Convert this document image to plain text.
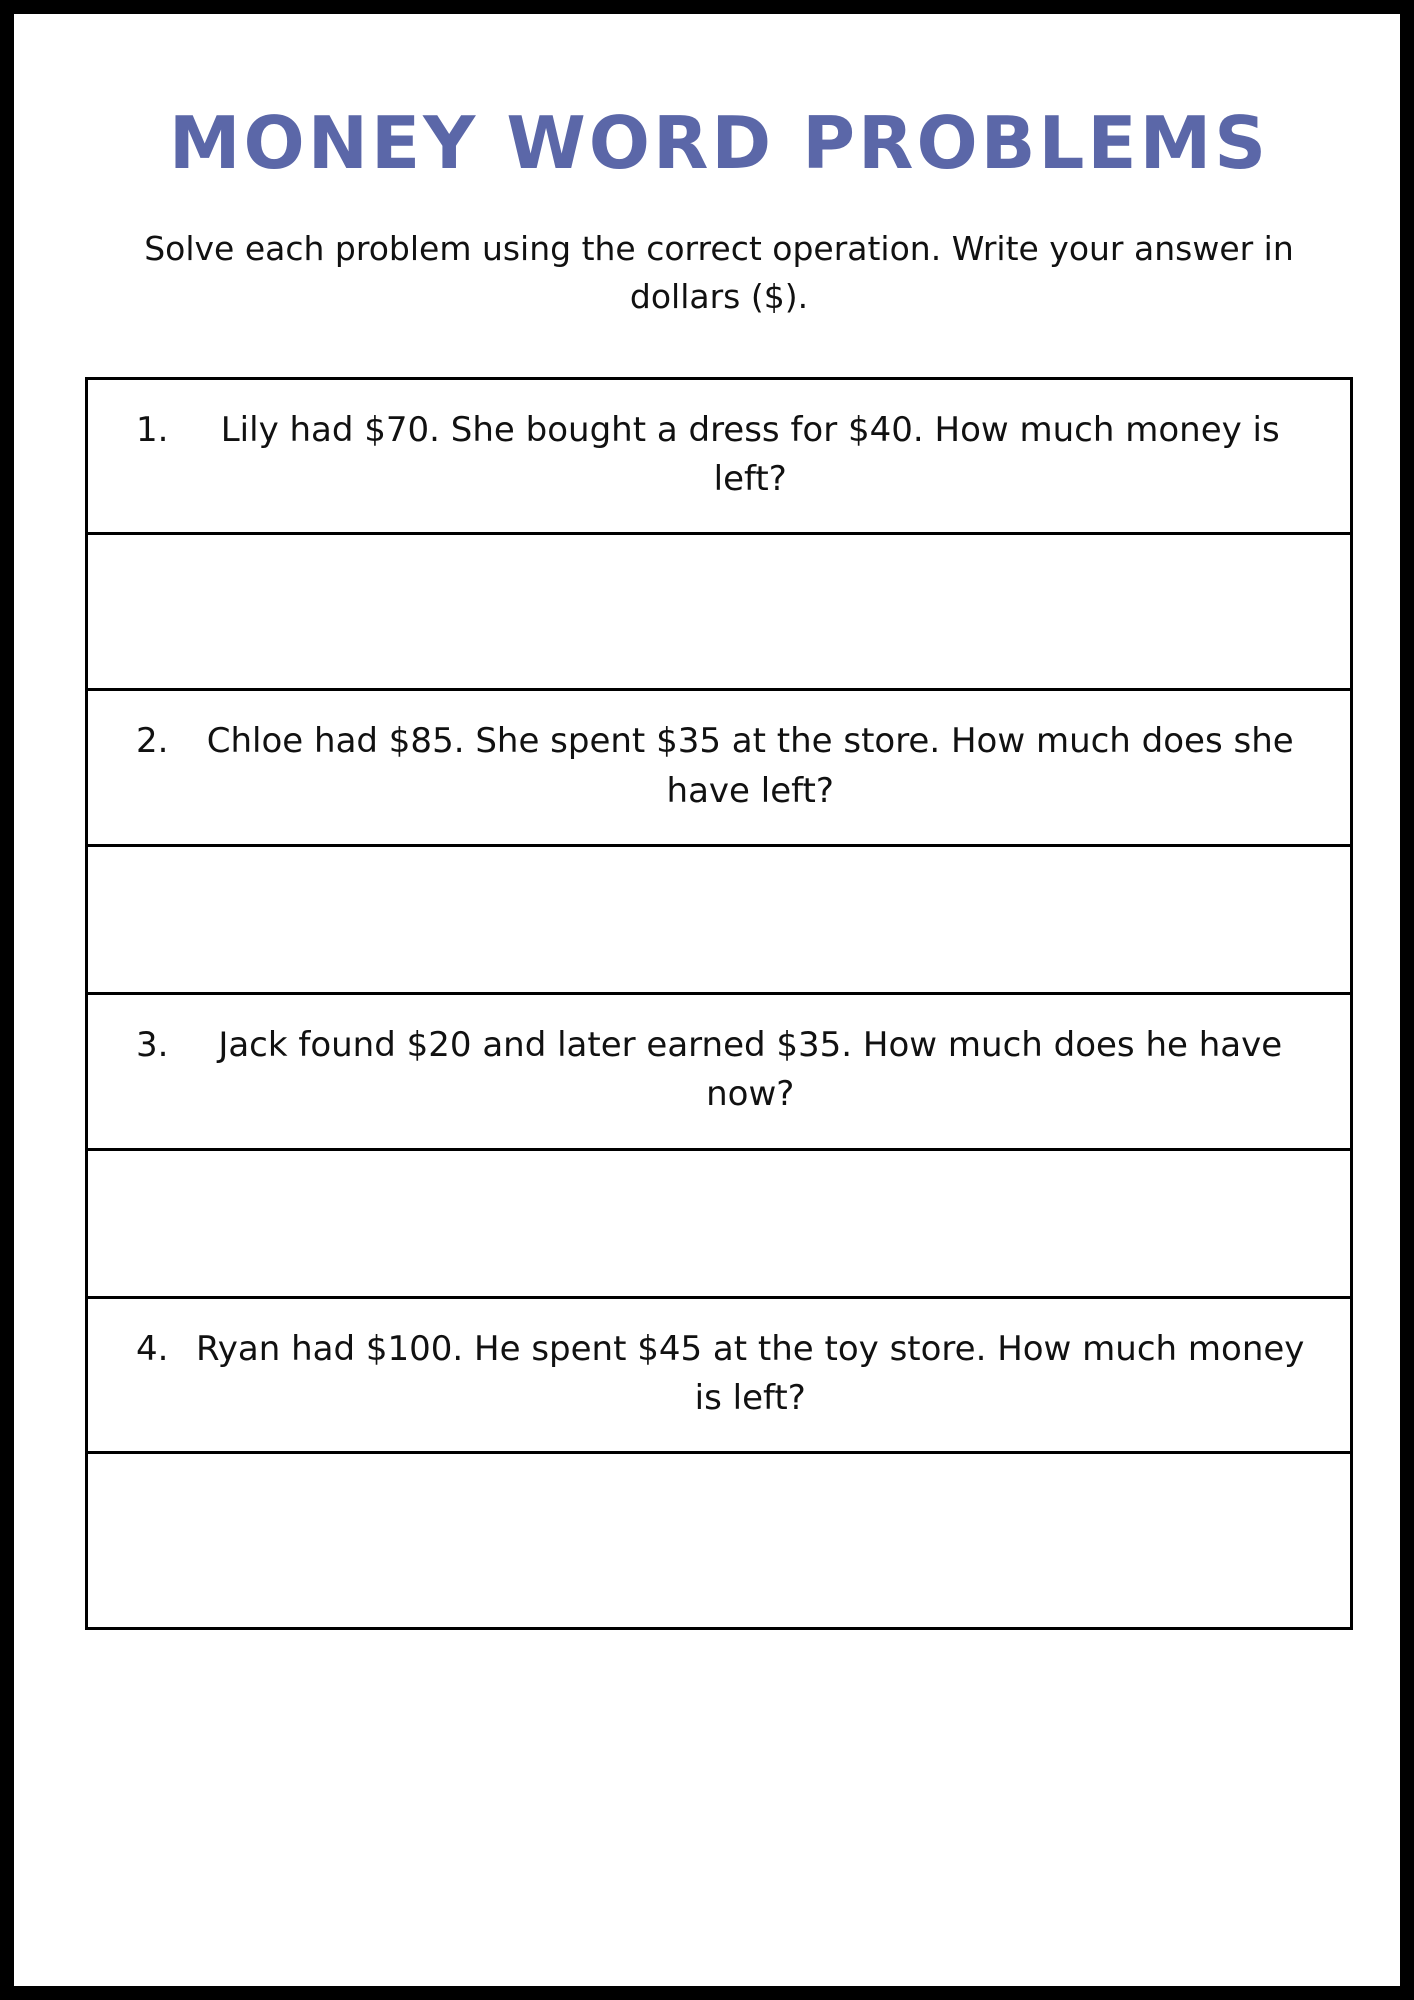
MONEY WORD PROBLEMS

Solve each problem using the correct operation. Write your answer in dollars ($).

1.	Lily had $70. She bought a dress for $40. How much money is left?
2.	Chloe had $85. She spent $35 at the store. How much does she have left?
3.	Jack found $20 and later earned $35. How much does he have now?
4. Ryan had $100. He spent $45 at the toy store. How much money is left?
